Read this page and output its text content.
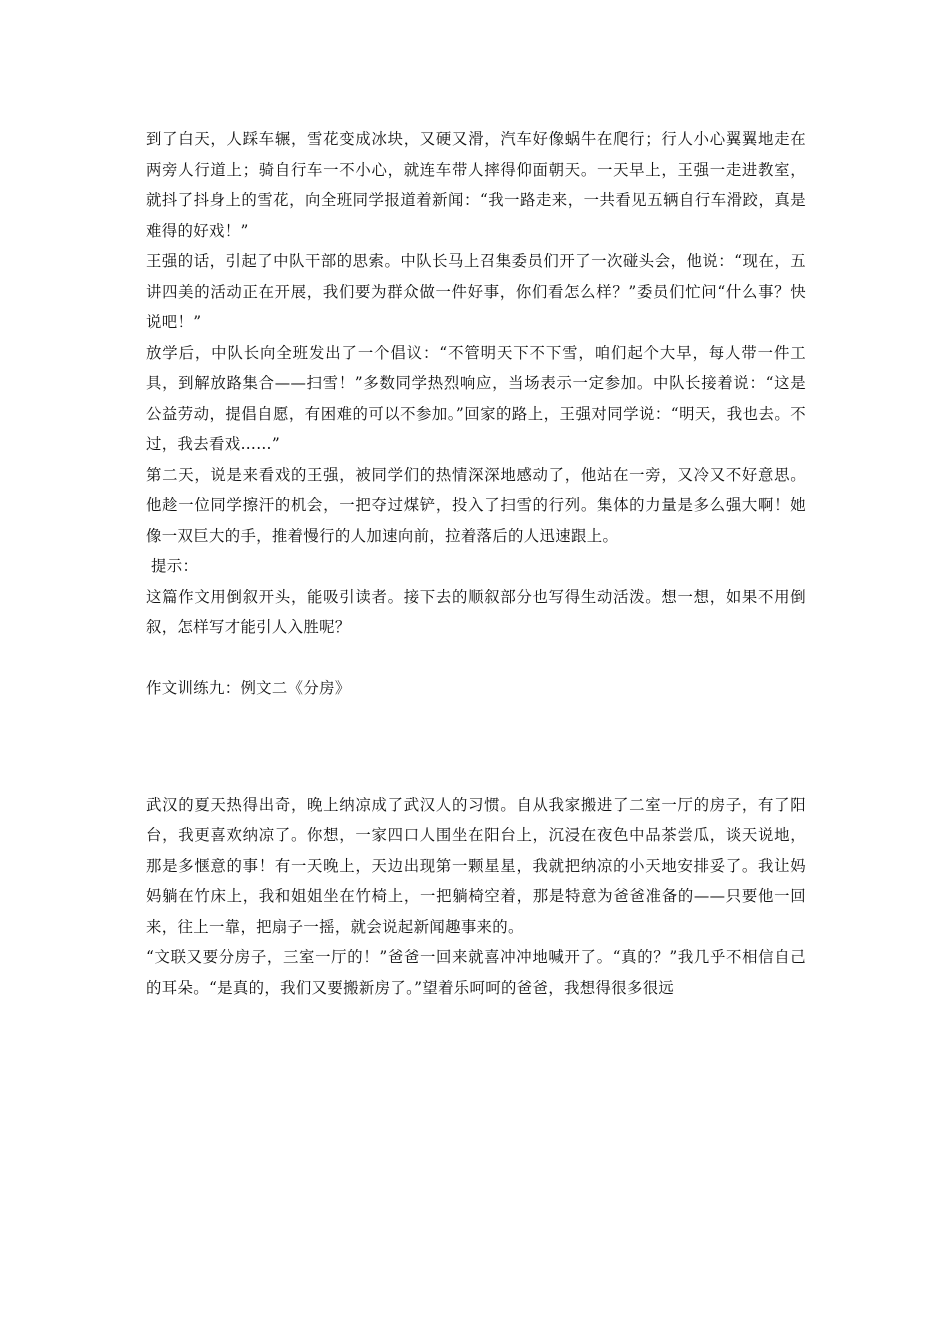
到了白天，人踩车辗，雪花变成冰块，又硬又滑，汽车好像蜗牛在爬行；行人小心翼翼地走在两旁人行道上；骑自行车一不小心，就连车带人摔得仰面朝天。一天早上，王强一走进教室，就抖了抖身上的雪花，向全班同学报道着新闻：“我一路走来，一共看见五辆自行车滑跤，真是难得的好戏！”

王强的话，引起了中队干部的思索。中队长马上召集委员们开了一次碰头会，他说：“现在，五讲四美的活动正在开展，我们要为群众做一件好事，你们看怎么样？”委员们忙问“什么事？快说吧！”

放学后，中队长向全班发出了一个倡议：“不管明天下不下雪，咱们起个大早，每人带一件工具，到解放路集合——扫雪！”多数同学热烈响应，当场表示一定参加。中队长接着说：“这是公益劳动，提倡自愿，有困难的可以不参加。”回家的路上，王强对同学说：“明天，我也去。不过，我去看戏……”

第二天，说是来看戏的王强，被同学们的热情深深地感动了，他站在一旁，又冷又不好意思。他趁一位同学擦汗的机会，一把夺过煤铲，投入了扫雪的行列。集体的力量是多么强大啊！她像一双巨大的手，推着慢行的人加速向前，拉着落后的人迅速跟上。

提示：

这篇作文用倒叙开头，能吸引读者。接下去的顺叙部分也写得生动活泼。想一想，如果不用倒叙，怎样写才能引人入胜呢？

作文训练九：例文二《分房》

武汉的夏天热得出奇，晚上纳凉成了武汉人的习惯。自从我家搬进了二室一厅的房子，有了阳台，我更喜欢纳凉了。你想，一家四口人围坐在阳台上，沉浸在夜色中品茶尝瓜，谈天说地，那是多惬意的事！有一天晚上，天边出现第一颗星星，我就把纳凉的小天地安排妥了。我让妈妈躺在竹床上，我和姐姐坐在竹椅上，一把躺椅空着，那是特意为爸爸准备的——只要他一回来，往上一靠，把扇子一摇，就会说起新闻趣事来的。

“文联又要分房子，三室一厅的！”爸爸一回来就喜冲冲地喊开了。“真的？”我几乎不相信自己的耳朵。“是真的，我们又要搬新房了。”望着乐呵呵的爸爸，我想得很多很远
